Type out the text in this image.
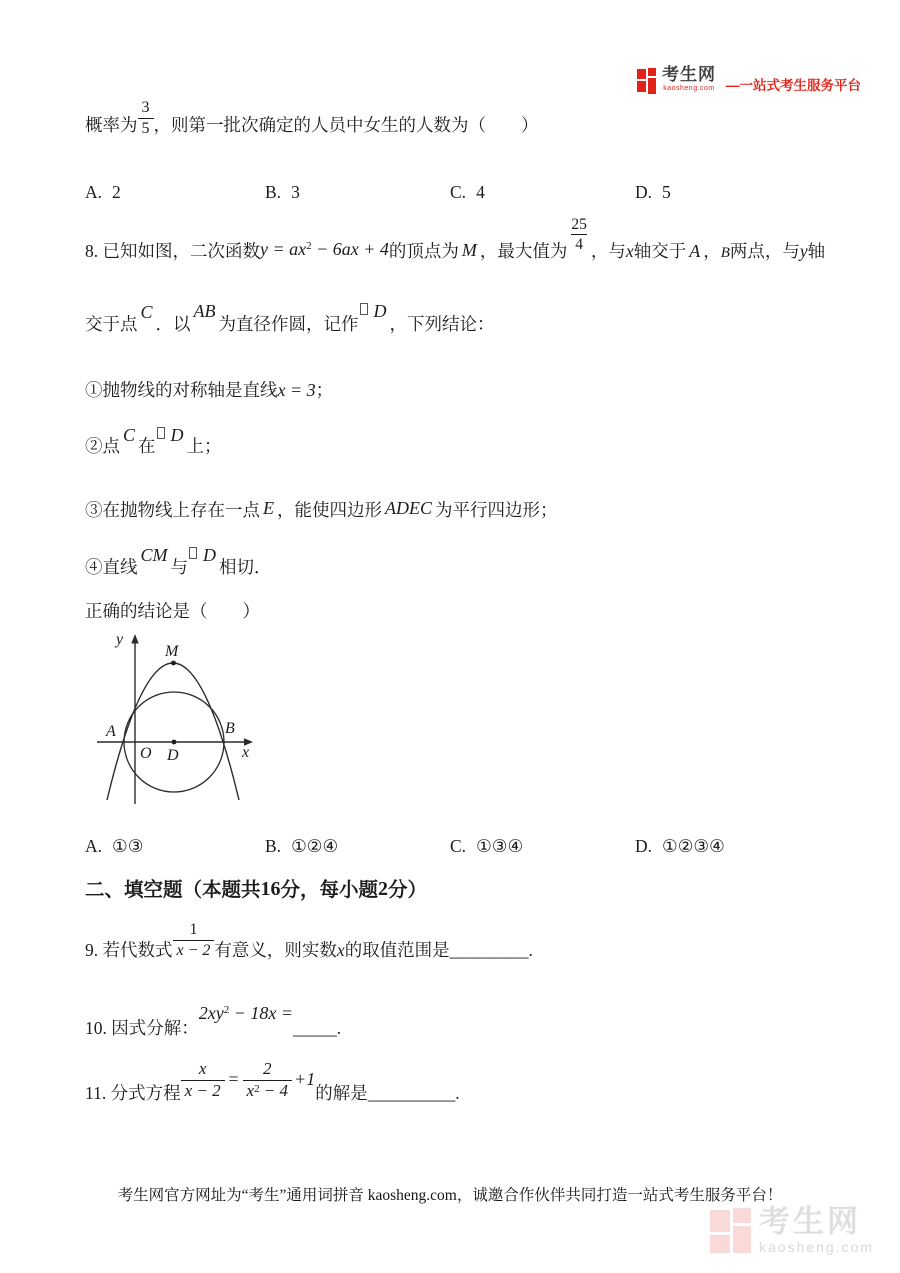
考生网
kaosheng.com —一站式考生服务平台
概率为 $\frac{3}{5}$ ，则第一批次确定的人员中女生的人数为（　　）
A. 2	B. 3	C. 4	D. 5
8. 已知如图，二次函数 $y = ax^2 - 6ax + 4$ 的顶点为 M ，最大值为 $\frac{25}{4}$ ，与 x 轴交于 A ， B 两点，与 y 轴
交于点
C
．以
AB
为直径作圆，记作
D
，下列结论：
①抛物线的对称轴是直线 x = 3 ；
②点
C
在
D
上；
③在抛物线上存在一点 E ，能使四边形 ADEC 为平行四边形；
④直线
CM
与
D
相切．
正确的结论是（　　）
y
M
A	B
O D	x
A. ①③	B. ①②④	C. ①③④	D. ①②③④
二、填空题（本题共 16 分，每小题 2 分）
9. 若代数式 $\frac{1}{x - 2}$ 有意义，则实数 x 的取值范围是 _________ .
10. 因式分解：
$2xy^2 - 18x$ =
_____ .
11. 分式方程 $\frac{x}{x - 2} = \frac{2}{x^2 - 4} +1$
的解是 __________ .
考生网官方网址为“考生”通用词拼音 kaosheng.com，诚邀合作伙伴共同打造一站式考生服务平台！
考生网
kaosheng.com
